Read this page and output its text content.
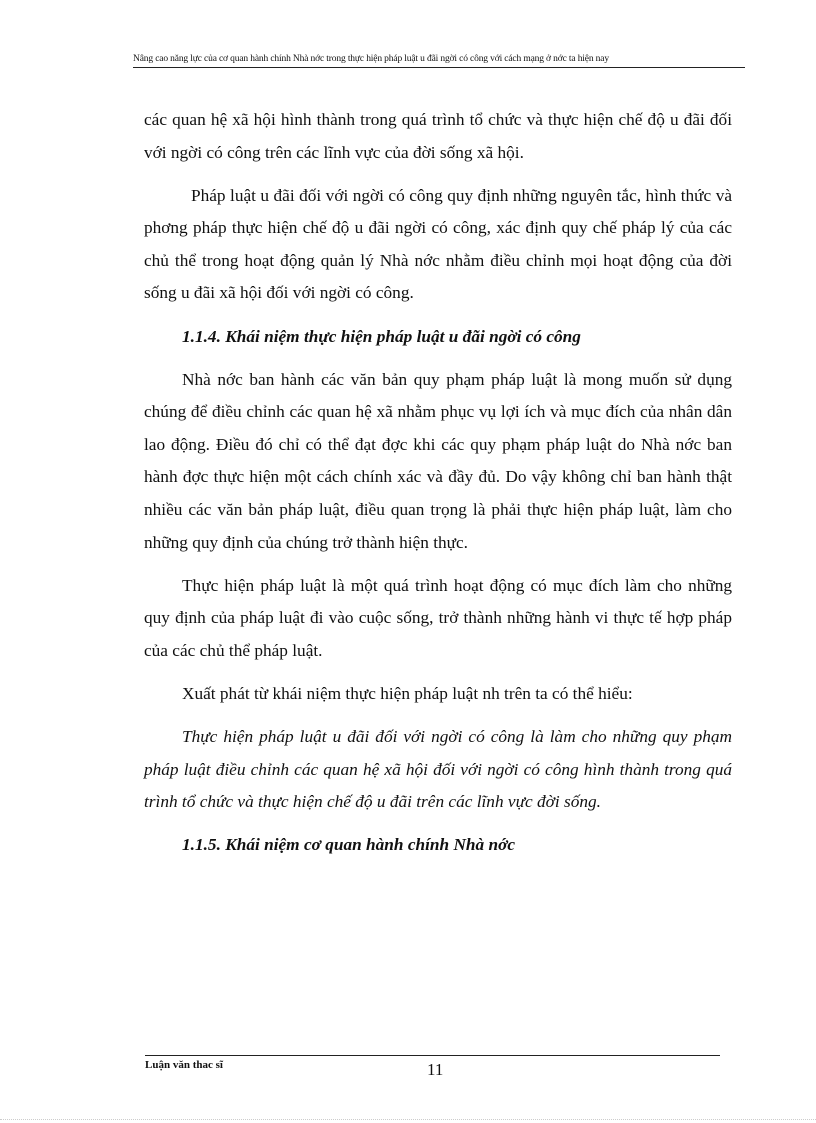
Nâng cao năng lực của cơ quan hành chính Nhà nớc trong thực hiện pháp luật u đãi ngời có công với cách mạng ở nớc ta hiện nay

các quan hệ xã hội hình thành trong quá trình tổ chức và thực hiện chế độ u đãi đối với ngời có công trên các lĩnh vực của đời sống xã hội.

Pháp luật u đãi đối với ngời có công quy định những nguyên tắc, hình thức và phơng pháp thực hiện chế độ u đãi ngời có công, xác định quy chế pháp lý của các chủ thể trong hoạt động quản lý Nhà nớc nhằm điều chỉnh mọi hoạt động của đời sống u đãi xã hội đối với ngời có công.

1.1.4. Khái niệm thực hiện pháp luật u đãi ngời có công

Nhà nớc ban hành các văn bản quy phạm pháp luật là mong muốn sử dụng chúng để điều chỉnh các quan hệ xã nhằm phục vụ lợi ích và mục đích của nhân dân lao động. Điều đó chỉ có thể đạt đợc khi các quy phạm pháp luật do Nhà nớc ban hành đợc thực hiện một cách chính xác và đầy đủ. Do vậy không chỉ ban hành thật nhiều các văn bản pháp luật, điều quan trọng là phải thực hiện pháp luật, làm cho những quy định của chúng trở thành hiện thực.

Thực hiện pháp luật là một quá trình hoạt động có mục đích làm cho những quy định của pháp luật đi vào cuộc sống, trở thành những hành vi thực tế hợp pháp của các chủ thể pháp luật.

Xuất phát từ khái niệm thực hiện pháp luật nh trên ta có thể hiểu:

Thực hiện pháp luật u đãi đối với ngời có công là làm cho những quy phạm pháp luật điều chỉnh các quan hệ xã hội đối với ngời có công hình thành trong quá trình tổ chức và thực hiện chế độ u đãi trên các lĩnh vực đời sống.

1.1.5. Khái niệm cơ quan hành chính Nhà nớc

Luận văn thac sĩ	11
